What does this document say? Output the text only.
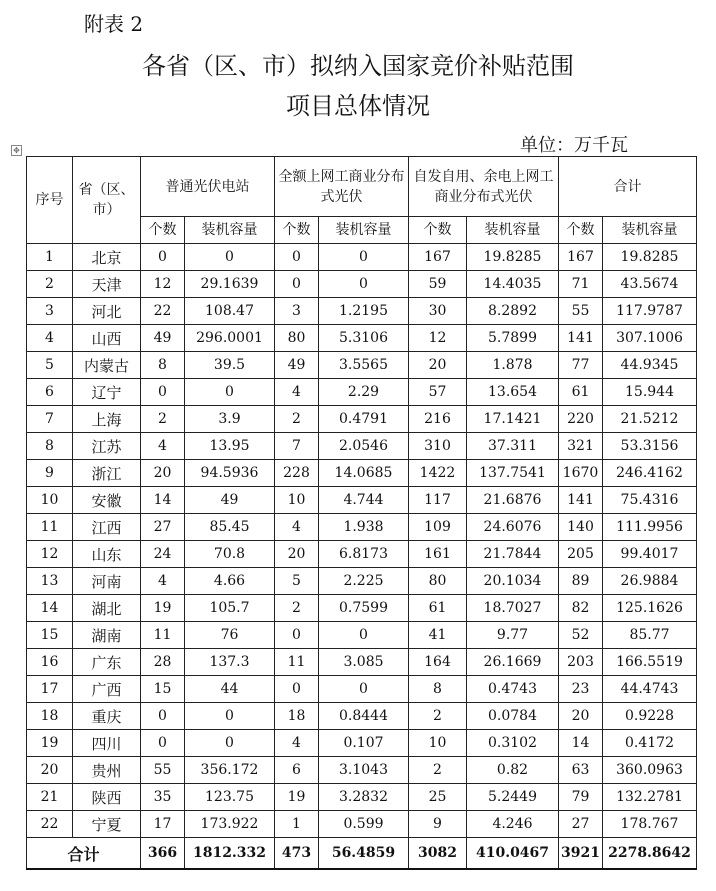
附表 2
各省（区、市）拟纳入国家竞价补贴范围
项目总体情况
单位：万千瓦
✥
序号	省（区、市）	普通光伏电站		全额上网工商业分布式光伏		自发自用、余电上网工商业分布式光伏		合计	
		个数	装机容量	个数	装机容量	个数	装机容量	个数	装机容量
1	北京	0	0	0	0	167	19.8285	167	19.8285
2	天津	12	29.1639	0	0	59	14.4035	71	43.5674
3	河北	22	108.47	3	1.2195	30	8.2892	55	117.9787
4	山西	49	296.0001	80	5.3106	12	5.7899	141	307.1006
5	内蒙古	8	39.5	49	3.5565	20	1.878	77	44.9345
6	辽宁	0	0	4	2.29	57	13.654	61	15.944
7	上海	2	3.9	2	0.4791	216	17.1421	220	21.5212
8	江苏	4	13.95	7	2.0546	310	37.311	321	53.3156
9	浙江	20	94.5936	228	14.0685	1422	137.7541	1670	246.4162
10	安徽	14	49	10	4.744	117	21.6876	141	75.4316
11	江西	27	85.45	4	1.938	109	24.6076	140	111.9956
12	山东	24	70.8	20	6.8173	161	21.7844	205	99.4017
13	河南	4	4.66	5	2.225	80	20.1034	89	26.9884
14	湖北	19	105.7	2	0.7599	61	18.7027	82	125.1626
15	湖南	11	76	0	0	41	9.77	52	85.77
16	广东	28	137.3	11	3.085	164	26.1669	203	166.5519
17	广西	15	44	0	0	8	0.4743	23	44.4743
18	重庆	0	0	18	0.8444	2	0.0784	20	0.9228
19	四川	0	0	4	0.107	10	0.3102	14	0.4172
20	贵州	55	356.172	6	3.1043	2	0.82	63	360.0963
21	陕西	35	123.75	19	3.2832	25	5.2449	79	132.2781
22	宁夏	17	173.922	1	0.599	9	4.246	27	178.767
合计		366	1812.332	473	56.4859	3082	410.0467	3921	2278.8642
